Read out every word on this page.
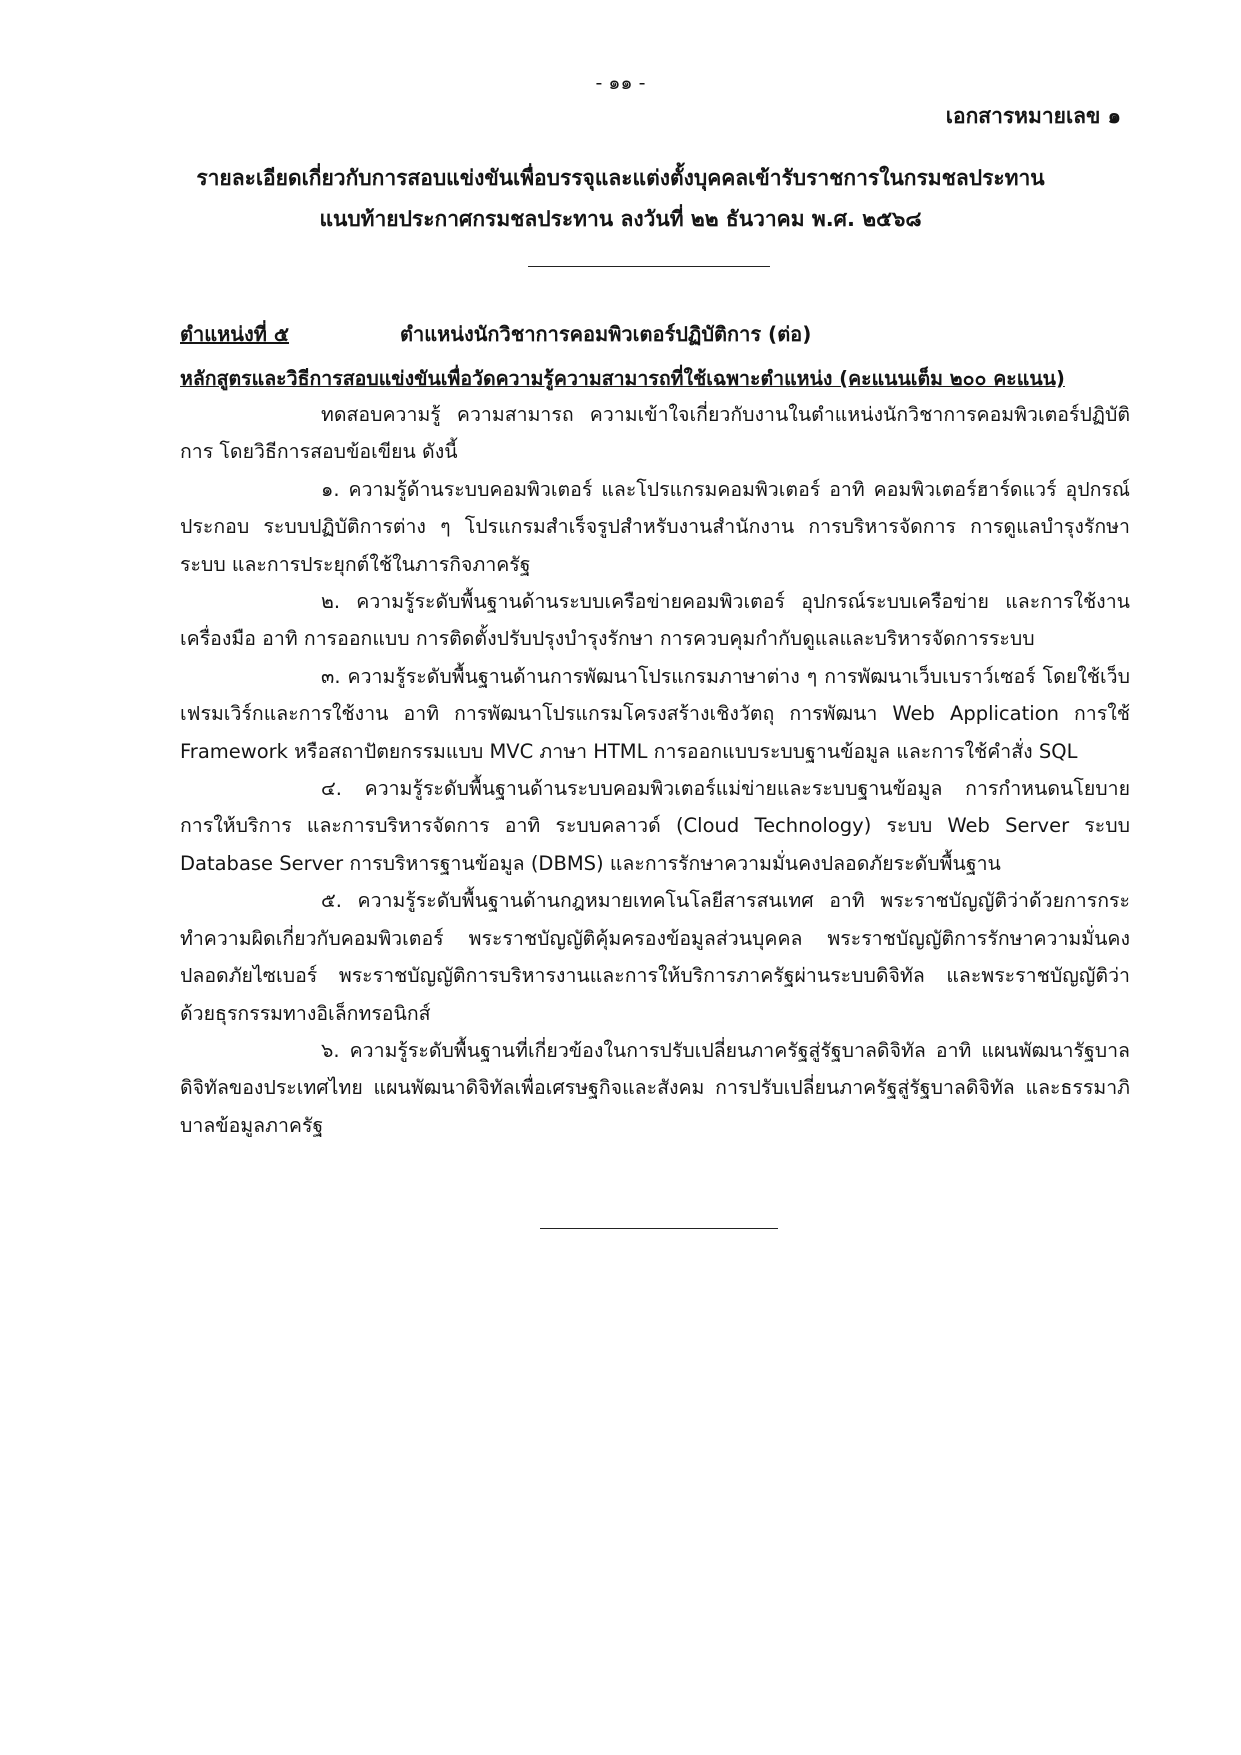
- ๑๑ -
เอกสารหมายเลข ๑
รายละเอียดเกี่ยวกับการสอบแข่งขันเพื่อบรรจุและแต่งตั้งบุคคลเข้ารับราชการในกรมชลประทาน
แนบท้ายประกาศกรมชลประทาน ลงวันที่ ๒๒ ธันวาคม พ.ศ. ๒๕๖๘
ตำแหน่งที่ ๕	ตำแหน่งนักวิชาการคอมพิวเตอร์ปฏิบัติการ (ต่อ)
หลักสูตรและวิธีการสอบแข่งขันเพื่อวัดความรู้ความสามารถที่ใช้เฉพาะตำแหน่ง (คะแนนเต็ม ๒๐๐ คะแนน)

ทดสอบความรู้ ความสามารถ ความเข้าใจเกี่ยวกับงานในตำแหน่งนักวิชาการคอมพิวเตอร์ปฏิบัติการ โดยวิธีการสอบข้อเขียน ดังนี้

๑. ความรู้ด้านระบบคอมพิวเตอร์ และโปรแกรมคอมพิวเตอร์ อาทิ คอมพิวเตอร์ฮาร์ดแวร์ อุปกรณ์ประกอบ ระบบปฏิบัติการต่าง ๆ โปรแกรมสำเร็จรูปสำหรับงานสำนักงาน การบริหารจัดการ การดูแลบำรุงรักษาระบบ และการประยุกต์ใช้ในภารกิจภาครัฐ

๒. ความรู้ระดับพื้นฐานด้านระบบเครือข่ายคอมพิวเตอร์ อุปกรณ์ระบบเครือข่าย และการใช้งานเครื่องมือ อาทิ การออกแบบ การติดตั้งปรับปรุงบำรุงรักษา การควบคุมกำกับดูแลและบริหารจัดการระบบ

๓. ความรู้ระดับพื้นฐานด้านการพัฒนาโปรแกรมภาษาต่าง ๆ การพัฒนาเว็บเบราว์เซอร์ โดยใช้เว็บเฟรมเวิร์กและการใช้งาน อาทิ การพัฒนาโปรแกรมโครงสร้างเชิงวัตถุ การพัฒนา Web Application การใช้ Framework หรือสถาปัตยกรรมแบบ MVC ภาษา HTML การออกแบบระบบฐานข้อมูล และการใช้คำสั่ง SQL

๔. ความรู้ระดับพื้นฐานด้านระบบคอมพิวเตอร์แม่ข่ายและระบบฐานข้อมูล การกำหนดนโยบายการให้บริการ และการบริหารจัดการ อาทิ ระบบคลาวด์ (Cloud Technology) ระบบ Web Server ระบบ Database Server การบริหารฐานข้อมูล (DBMS) และการรักษาความมั่นคงปลอดภัยระดับพื้นฐาน

๕. ความรู้ระดับพื้นฐานด้านกฎหมายเทคโนโลยีสารสนเทศ อาทิ พระราชบัญญัติว่าด้วยการกระทำความผิดเกี่ยวกับคอมพิวเตอร์ พระราชบัญญัติคุ้มครองข้อมูลส่วนบุคคล พระราชบัญญัติการรักษาความมั่นคงปลอดภัยไซเบอร์ พระราชบัญญัติการบริหารงานและการให้บริการภาครัฐผ่านระบบดิจิทัล และพระราชบัญญัติว่าด้วยธุรกรรมทางอิเล็กทรอนิกส์

๖. ความรู้ระดับพื้นฐานที่เกี่ยวข้องในการปรับเปลี่ยนภาครัฐสู่รัฐบาลดิจิทัล อาทิ แผนพัฒนารัฐบาลดิจิทัลของประเทศไทย แผนพัฒนาดิจิทัลเพื่อเศรษฐกิจและสังคม การปรับเปลี่ยนภาครัฐสู่รัฐบาลดิจิทัล และธรรมาภิบาลข้อมูลภาครัฐ
